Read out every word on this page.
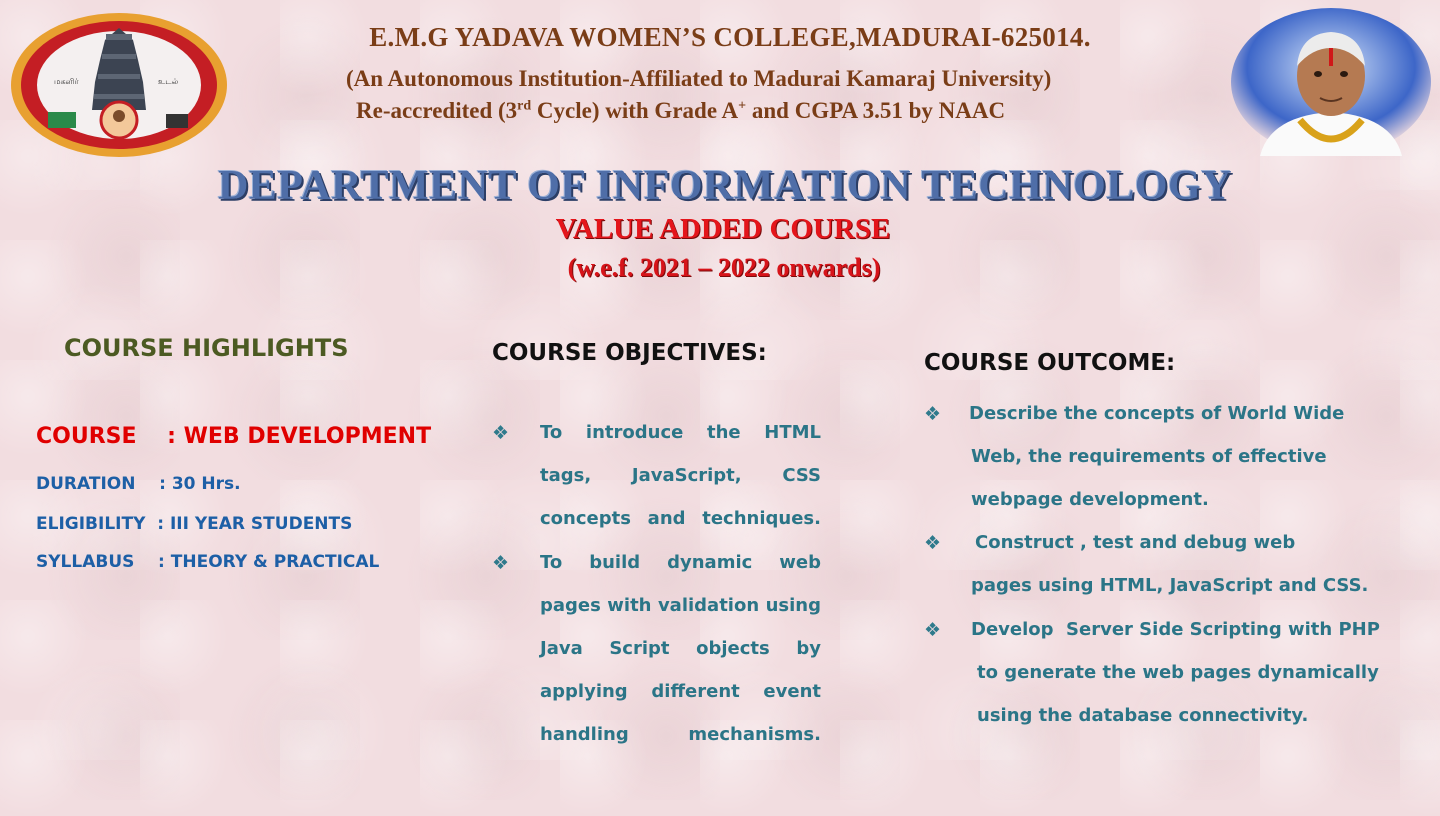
மகளிர்	உடல்
E.M.G YADAVA WOMEN’S COLLEGE,MADURAI-625014.
(An Autonomous Institution-Affiliated to Madurai Kamaraj University)
Re-accredited (3rd Cycle) with Grade A+ and CGPA 3.51 by NAAC
DEPARTMENT OF INFORMATION TECHNOLOGY
VALUE ADDED COURSE
(w.e.f. 2021 – 2022 onwards)
COURSE HIGHLIGHTS
COURSE    : WEB DEVELOPMENT
DURATION    : 30 Hrs.
ELIGIBILITY  : III YEAR STUDENTS
SYLLABUS    : THEORY & PRACTICAL
COURSE OBJECTIVES:
❖ To introduce the HTML tags, JavaScript, CSS concepts and techniques.
❖ To build dynamic web pages with validation using Java Script objects by applying different event handling mechanisms.
COURSE OUTCOME:
❖ Describe the concepts of World Wide
Web, the requirements of effective
webpage development.
❖ Construct , test and debug web
pages using HTML, JavaScript and CSS.
❖ Develop  Server Side Scripting with PHP
to generate the web pages dynamically
using the database connectivity.
